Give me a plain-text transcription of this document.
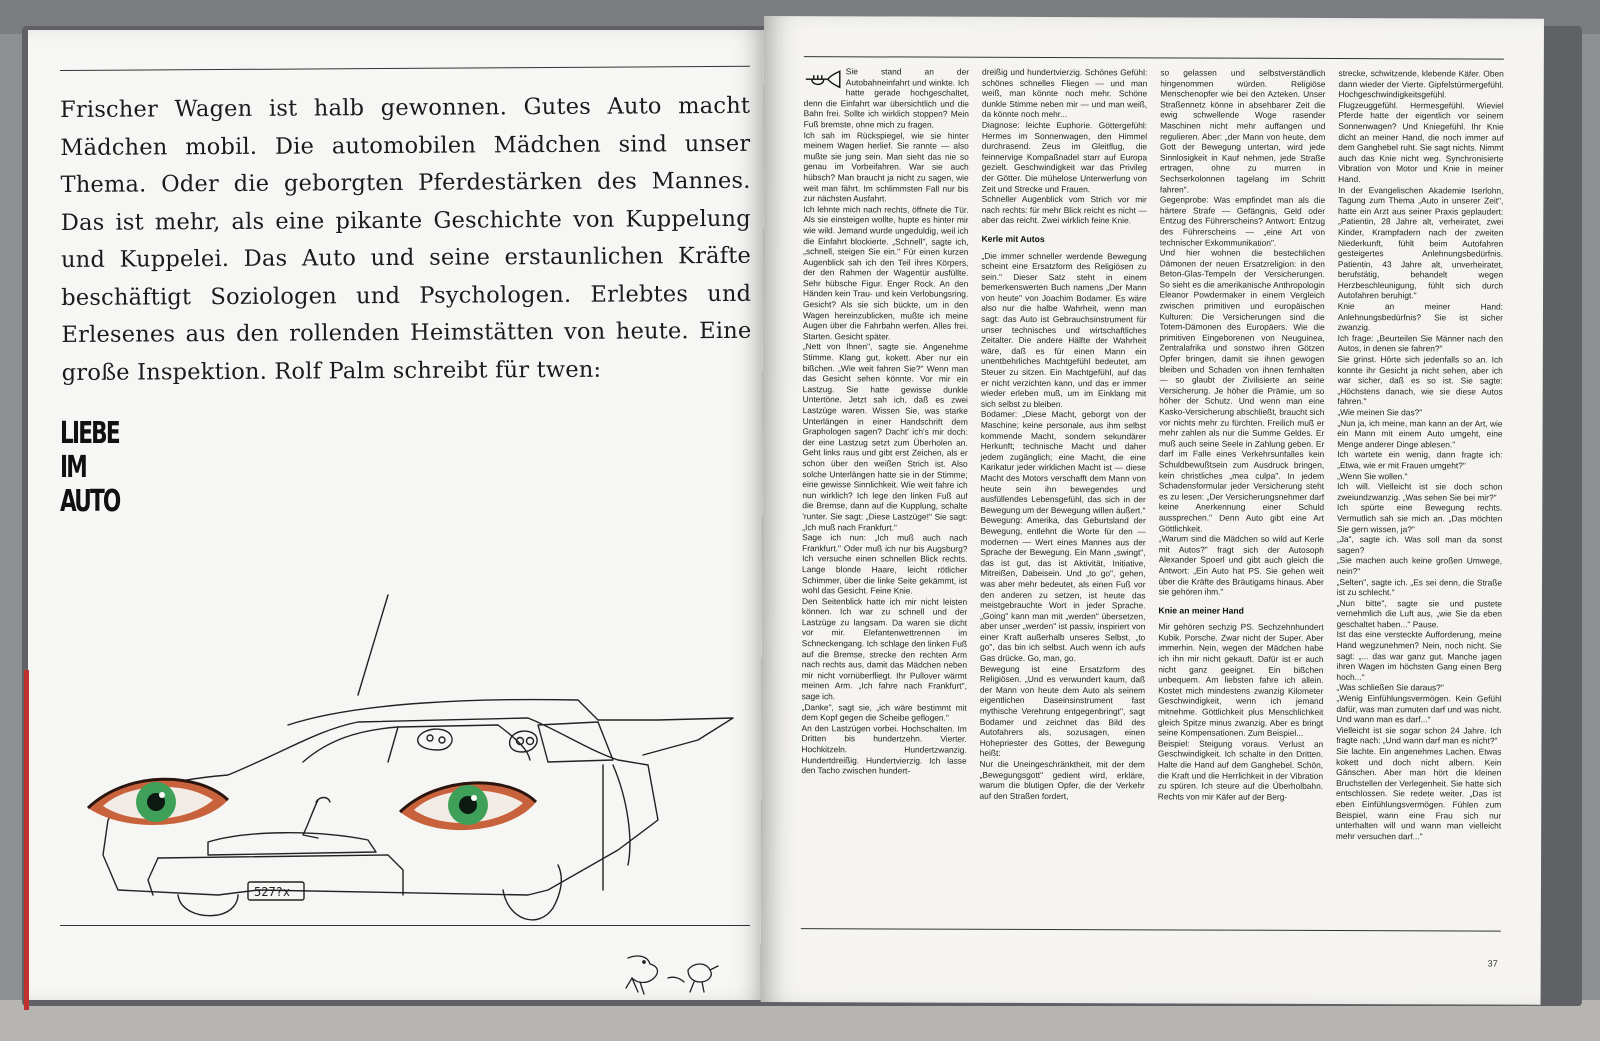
Frischer Wagen ist halb gewonnen. Gutes Auto macht Mädchen mobil. Die automobilen Mädchen sind unser Thema. Oder die geborgten Pferdestärken des Mannes. Das ist mehr, als eine pikante Geschichte von Kuppelung und Kuppelei. Das Auto und seine erstaunlichen Kräfte beschäftigt Soziologen und Psychologen. Erlebtes und Erlesenes aus den rollenden Heimstätten von heute. Eine große Inspektion. Rolf Palm schreibt für twen:
LIEBE
IM
AUTO
527?x

Sie stand an der Autobahneinfahrt und winkte. Ich hatte gerade hochgeschaltet, denn die Einfahrt war übersichtlich und die Bahn frei. Sollte ich wirklich stoppen? Mein Fuß bremste, ohne mich zu fragen.

Ich sah im Rückspiegel, wie sie hinter meinem Wagen herlief. Sie rannte — also mußte sie jung sein. Man sieht das nie so genau im Vorbeifahren. War sie auch hübsch? Man braucht ja nicht zu sagen, wie weit man fährt. Im schlimmsten Fall nur bis zur nächsten Ausfahrt.

Ich lehnte mich nach rechts, öffnete die Tür. Als sie einsteigen wollte, hupte es hinter mir wie wild. Jemand wurde ungeduldig, weil ich die Einfahrt blockierte. „Schnell", sagte ich, „schnell, steigen Sie ein." Für einen kurzen Augenblick sah ich den Teil ihres Körpers, der den Rahmen der Wagentür ausfüllte. Sehr hübsche Figur. Enger Rock. An den Händen kein Trau- und kein Verlobungsring. Gesicht? Als sie sich bückte, um in den Wagen hereinzublicken, mußte ich meine Augen über die Fahrbahn werfen. Alles frei. Starten. Gesicht später.

„Nett von Ihnen", sagte sie. Angenehme Stimme. Klang gut, kokett. Aber nur ein bißchen. „Wie weit fahren Sie?" Wenn man das Gesicht sehen könnte. Vor mir ein Lastzug. Sie hatte gewisse dunkle Untertöne. Jetzt sah ich, daß es zwei Lastzüge waren. Wissen Sie, was starke Unterlängen in einer Handschrift dem Graphologen sagen? Dacht' ich's mir doch: der eine Lastzug setzt zum Überholen an. Geht links raus und gibt erst Zeichen, als er schon über den weißen Strich ist. Also solche Unterlängen hatte sie in der Stimme; eine gewisse Sinnlichkeit. Wie weit fahre ich nun wirklich? Ich lege den linken Fuß auf die Bremse, dann auf die Kupplung, schalte 'runter. Sie sagt: „Diese Lastzüge!" Sie sagt: „Ich muß nach Frankfurt."

Sage ich nun: „Ich muß auch nach Frankfurt." Oder muß ich nur bis Augsburg? Ich versuche einen schnellen Blick rechts. Lange blonde Haare, leicht rötlicher Schimmer, über die linke Seite gekämmt, ist wohl das Gesicht. Feine Knie.

Den Seitenblick hatte ich mir nicht leisten können. Ich war zu schnell und der Lastzüge zu langsam. Da waren sie dicht vor mir. Elefantenwettrennen im Schneckengang. Ich schlage den linken Fuß auf die Bremse, strecke den rechten Arm nach rechts aus, damit das Mädchen neben mir nicht vornüberfliegt. Ihr Pullover wärmt meinen Arm. „Ich fahre nach Frankfurt", sage ich.

„Danke", sagt sie, „ich wäre bestimmt mit dem Kopf gegen die Scheibe geflogen."

An den Lastzügen vorbei. Hochschalten. Im Dritten bis hundertzehn. Vierter. Hochkitzeln. Hundertzwanzig. Hundertdreißig. Hundertvierzig. Ich lasse den Tacho zwischen hundert-

dreißig und hundertvierzig. Schönes Gefühl: schönes schnelles Fliegen — und man weiß, man könnte noch mehr. Schöne dunkle Stimme neben mir — und man weiß, da könnte noch mehr...

Diagnose: leichte Euphorie. Göttergefühl: Hermes im Sonnenwagen, den Himmel durchrasend. Zeus im Gleitflug, die feinnervige Kompaßnadel starr auf Europa gezielt. Geschwindigkeit war das Privileg der Götter. Die mühelose Unterwerfung von Zeit und Strecke und Frauen.

Schneller Augenblick vom Strich vor mir nach rechts: für mehr Blick reicht es nicht — aber das reicht. Zwei wirklich feine Knie.

Kerle mit Autos

„Die immer schneller werdende Bewegung scheint eine Ersatzform des Religiösen zu sein." Dieser Satz steht in einem bemerkenswerten Buch namens „Der Mann von heute" von Joachim Bodamer. Es wäre also nur die halbe Wahrheit, wenn man sagt: das Auto ist Gebrauchsinstrument für unser technisches und wirtschaftliches Zeitalter. Die andere Hälfte der Wahrheit wäre, daß es für einen Mann ein unentbehrliches Machtgefühl bedeutet, am Steuer zu sitzen. Ein Machtgefühl, auf das er nicht verzichten kann, und das er immer wieder erleben muß, um im Einklang mit sich selbst zu bleiben.

Bodamer: „Diese Macht, geborgt von der Maschine; keine personale, aus ihm selbst kommende Macht, sondern sekundärer Herkunft; technische Macht und daher jedem zugänglich; eine Macht, die eine Karikatur jeder wirklichen Macht ist — diese Macht des Motors verschafft dem Mann von heute sein ihn bewegendes und ausfüllendes Lebensgefühl, das sich in der Bewegung um der Bewegung willen äußert."

Bewegung: Amerika, das Geburtsland der Bewegung, entlehnt die Worte für den — modernen — Wert eines Mannes aus der Sprache der Bewegung. Ein Mann „swingt", das ist gut, das ist Aktivität, Initiative, Mitreißen, Dabeisein. Und „to go", gehen, was aber mehr bedeutet, als einen Fuß vor den anderen zu setzen, ist heute das meistgebrauchte Wort in jeder Sprache. „Going" kann man mit „werden" übersetzen, aber unser „werden" ist passiv, inspiriert von einer Kraft außerhalb unseres Selbst, „to go", das bin ich selbst. Auch wenn ich aufs Gas drücke. Go, man, go.

Bewegung ist eine Ersatzform des Religiösen. „Und es verwundert kaum, daß der Mann von heute dem Auto als seinem eigentlichen Daseinsinstrument fast mythische Verehrung entgegenbringt", sagt Bodamer und zeichnet das Bild des Autofahrers als, sozusagen, einen Hohepriester des Gottes, der Bewegung heißt:

Nur die Uneingeschränktheit, mit der dem „Bewegungsgott" gedient wird, erkläre, warum die blutigen Opfer, die der Verkehr auf den Straßen fordert,

so gelassen und selbstverständlich hingenommen würden. Religiöse Menschenopfer wie bei den Azteken. Unser Straßennetz könne in absehbarer Zeit die ewig schwellende Woge rasender Maschinen nicht mehr auffangen und regulieren. Aber: „der Mann von heute, dem Gott der Bewegung untertan, wird jede Sinnlosigkeit in Kauf nehmen, jede Straße ertragen, ohne zu murren in Sechserkolonnen tagelang im Schritt fahren".

Gegenprobe: Was empfindet man als die härtere Strafe — Gefängnis, Geld oder Entzug des Führerscheins? Antwort: Entzug des Führerscheins — „eine Art von technischer Exkommunikation".

Und hier wohnen die bestechlichen Dämonen der neuen Ersatzreligion: in den Beton-Glas-Tempeln der Versicherungen. So sieht es die amerikanische Anthropologin Eleanor Powdermaker in einem Vergleich zwischen primitiven und europäischen Kulturen: Die Versicherungen sind die Totem-Dämonen des Europäers. Wie die primitiven Eingeborenen von Neuguinea, Zentralafrika und sonstwo ihren Götzen Opfer bringen, damit sie ihnen gewogen bleiben und Schaden von ihnen fernhalten — so glaubt der Zivilisierte an seine Versicherung. Je höher die Prämie, um so höher der Schutz. Und wenn man eine Kasko-Versicherung abschließt, braucht sich vor nichts mehr zu fürchten. Freilich muß er mehr zahlen als nur die Summe Geldes. Er muß auch seine Seele in Zahlung geben. Er darf im Falle eines Verkehrsunfalles kein Schuldbewußtsein zum Ausdruck bringen, kein christliches „mea culpa". In jedem Schadensformular jeder Versicherung steht es zu lesen: „Der Versicherungsnehmer darf keine Anerkennung einer Schuld aussprechen." Denn Auto gibt eine Art Göttlichkeit.

„Warum sind die Mädchen so wild auf Kerle mit Autos?" fragt sich der Autosoph Alexander Spoerl und gibt auch gleich die Antwort: „Ein Auto hat PS. Sie gehen weit über die Kräfte des Bräutigams hinaus. Aber sie gehören ihm."

Knie an meiner Hand

Mir gehören sechzig PS. Sechzehnhundert Kubik. Porsche. Zwar nicht der Super. Aber immerhin. Nein, wegen der Mädchen habe ich ihn mir nicht gekauft. Dafür ist er auch nicht ganz geeignet. Ein bißchen unbequem. Am liebsten fahre ich allein. Kostet mich mindestens zwanzig Kilometer Geschwindigkeit, wenn ich jemand mitnehme. Göttlichkeit plus Menschlichkeit gleich Spitze minus zwanzig. Aber es bringt seine Kompensationen. Zum Beispiel...

Beispiel: Steigung voraus. Verlust an Geschwindigkeit. Ich schalte in den Dritten. Halte die Hand auf dem Ganghebel. Schön, die Kraft und die Herrlichkeit in der Vibration zu spüren. Ich steure auf die Überholbahn. Rechts von mir Käfer auf der Berg-

strecke, schwitzende, klebende Käfer. Oben dann wieder der Vierte. Gipfelstürmergefühl. Hochgeschwindigkeitsgefühl. Flugzeuggefühl. Hermesgefühl. Wieviel Pferde hatte der eigentlich vor seinem Sonnenwagen? Und Kniegefühl. Ihr Knie dicht an meiner Hand, die noch immer auf dem Ganghebel ruht. Sie sagt nichts. Nimmt auch das Knie nicht weg. Synchronisierte Vibration von Motor und Knie in meiner Hand.

In der Evangelischen Akademie Iserlohn, Tagung zum Thema „Auto in unserer Zeit", hatte ein Arzt aus seiner Praxis geplaudert: „Patientin, 28 Jahre alt, verheiratet, zwei Kinder, Krampfadern nach der zweiten Niederkunft, fühlt beim Autofahren gesteigertes Anlehnungsbedürfnis. Patientin, 43 Jahre alt, unverheiratet, berufstätig, behandelt wegen Herzbeschleunigung, fühlt sich durch Autofahren beruhigt."

Knie an meiner Hand: Anlehnungsbedürfnis? Sie ist sicher zwanzig.

Ich frage: „Beurteilen Sie Männer nach den Autos, in denen sie fahren?"

Sie grinst. Hörte sich jedenfalls so an. Ich konnte ihr Gesicht ja nicht sehen, aber ich war sicher, daß es so ist. Sie sagte: „Höchstens danach, wie sie diese Autos fahren."

„Wie meinen Sie das?"

„Nun ja, ich meine, man kann an der Art, wie ein Mann mit einem Auto umgeht, eine Menge anderer Dinge ablesen."

Ich wartete ein wenig, dann fragte ich: „Etwa, wie er mit Frauen umgeht?"

„Wenn Sie wollen."

Ich will. Vielleicht ist sie doch schon zweiundzwanzig. „Was sehen Sie bei mir?"

Ich spürte eine Bewegung rechts. Vermutlich sah sie mich an. „Das möchten Sie gern wissen, ja?"

„Ja", sagte ich. Was soll man da sonst sagen?

„Sie machen auch keine großen Umwege, nein?"

„Selten", sagte ich. „Es sei denn, die Straße ist zu schlecht."

„Nun bitte", sagte sie und pustete vernehmlich die Luft aus, „wie Sie da eben geschaltet haben..." Pause.

Ist das eine versteckte Aufforderung, meine Hand wegzunehmen? Nein, noch nicht. Sie sagt: „... das war ganz gut. Manche jagen ihren Wagen im höchsten Gang einen Berg hoch..."

„Was schließen Sie daraus?"

„Wenig Einfühlungsvermögen. Kein Gefühl dafür, was man zumuten darf und was nicht. Und wann man es darf..."

Vielleicht ist sie sogar schon 24 Jahre. Ich fragte nach: „Und wann darf man es nicht?"

Sie lachte. Ein angenehmes Lachen. Etwas kokett und doch nicht albern. Kein Gänschen. Aber man hört die kleinen Bruchstellen der Verlegenheit. Sie hatte sich entschlossen. Sie redete weiter. „Das ist eben Einfühlungsvermögen. Fühlen zum Beispiel, wann eine Frau sich nur unterhalten will und wann man vielleicht mehr versuchen darf..."

37
